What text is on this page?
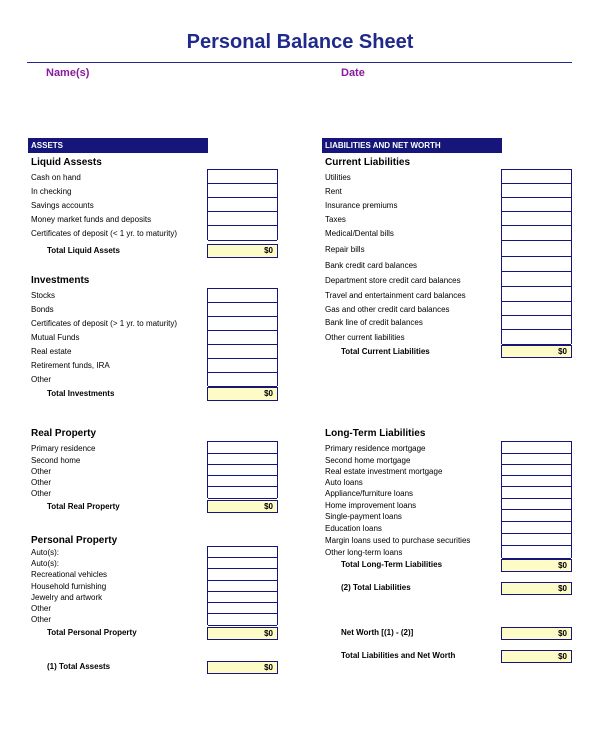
Personal Balance Sheet
Name(s)	Date
ASSETS	LIABILITIES AND NET WORTH
Liquid Assests
Cash on hand
In checking
Savings accounts
Money market funds and deposits
Certificates of deposit (< 1 yr. to maturity)
Total Liquid Assets	$0
Investments
Stocks
Bonds
Certificates of deposit (> 1 yr. to maturity)
Mutual Funds
Real estate
Retirement funds, IRA
Other
Total Investments	$0
Real Property
Primary residence
Second home
Other
Other
Other
Total Real Property	$0
Personal Property
Auto(s):
Auto(s):
Recreational vehicles
Household furnishing
Jewelry and artwork
Other
Other
Total Personal Property	$0
(1) Total Assests	$0
Current Liabilities
Utilities
Rent
Insurance premiums
Taxes
Medical/Dental bills
Repair bills
Bank credit card balances
Department store credit card balances
Travel and entertainment card balances
Gas and other credit card balances
Bank line of credit balances
Other current liabilities
Total Current Liabilities	$0
Long-Term Liabilities
Primary residence mortgage
Second home mortgage
Real estate investment mortgage
Auto loans
Appliance/furniture loans
Home improvement loans
Single-payment loans
Education loans
Margin loans used to purchase securities
Other long-term loans
Total Long-Term Liabilities	$0
(2) Total Liabilities	$0
Net Worth [(1) - (2)]	$0
Total Liabilities and Net Worth	$0
